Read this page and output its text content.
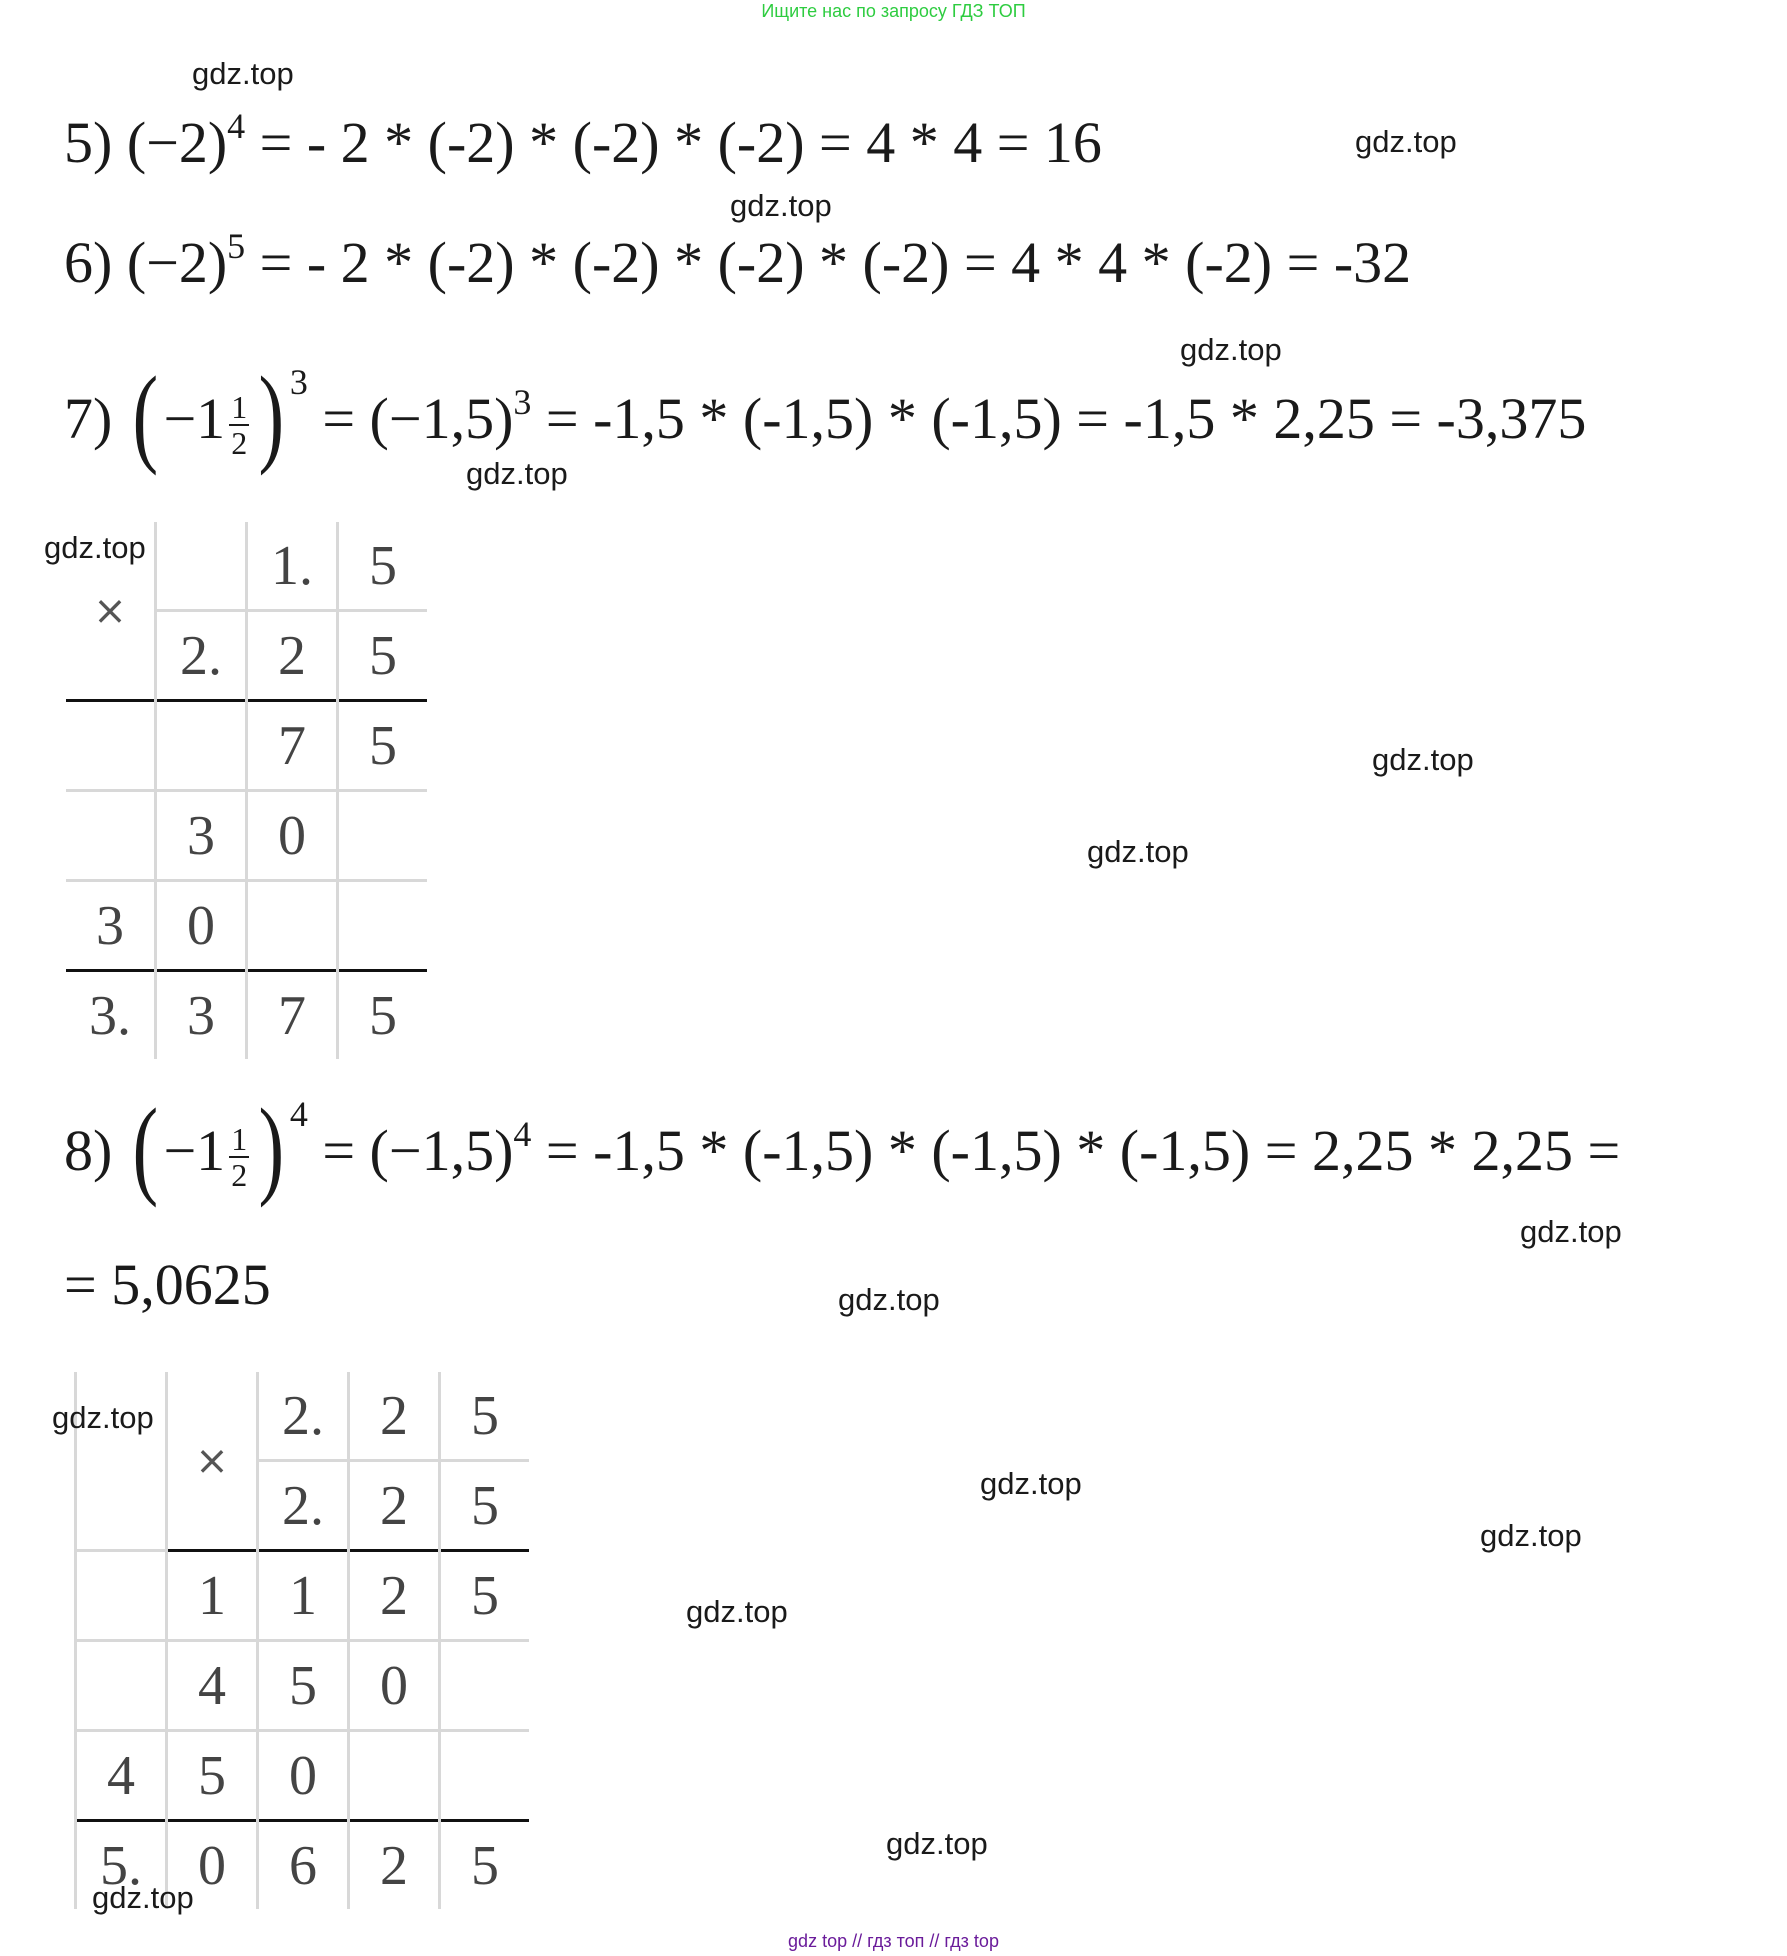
Ищите нас по запросу ГДЗ ТОП
5) $(-2)^4$ = - 2 * (-2) * (-2) * (-2) = 4 * 4 = 16
6) $(-2)^5$ = - 2 * (-2) * (-2) * (-2) * (-2) = 4 * 4 * (-2) = -32
7) ($-1 \frac{1}{2}$ ) $^3 = (-1,5)^3 = -1,5 * (-1,5) * (-1,5) = -1,5 * 2,25 = -3,375$
8) ($-1 \frac{1}{2}$ ) $^4 = (-1,5)^4 = -1,5 * (-1,5) * (-1,5) * (-1,5) = 2,25 * 2,25$ =
= 5,0625
×		1.	5
	2.	2	5
		7	5
	3	0	
3	0		
3.	3	7	5
	×	2.	2	5
		2.	2	5
	1	1	2	5
	4	5	0	
4	5	0		
5.	0	6	2	5
gdz.top
gdz.top
gdz.top
gdz.top
gdz.top
gdz.top
gdz.top
gdz.top
gdz.top
gdz.top
gdz.top
gdz.top
gdz.top
gdz.top
gdz.top
gdz.top
gdz top // гдз топ // гдз top
